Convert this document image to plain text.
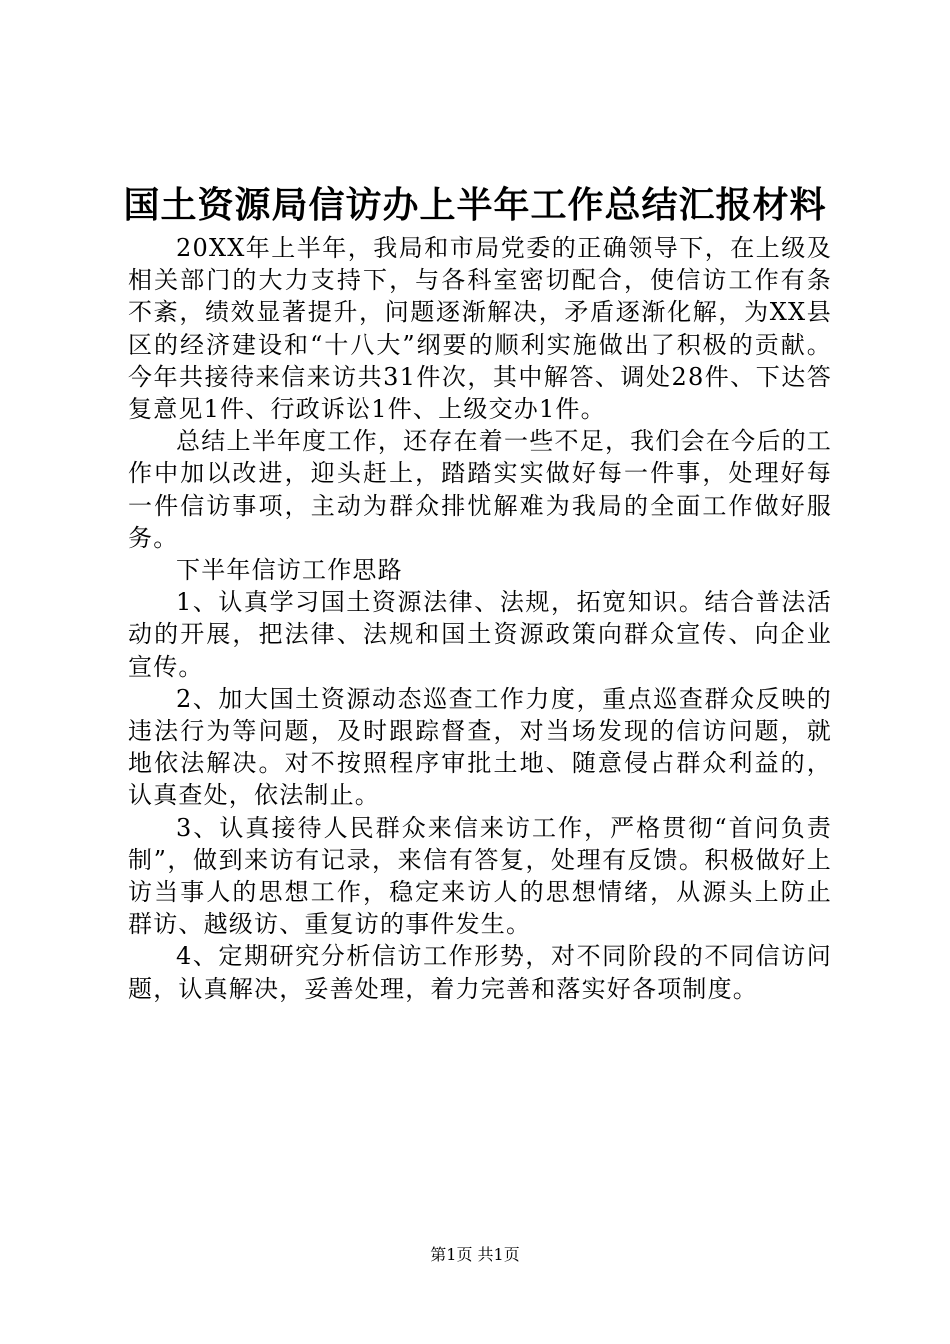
国土资源局信访办上半年工作总结汇报材料

20XX年上半年，我局和市局党委的正确领导下，在上级及相关部门的大力支持下，与各科室密切配合，使信访工作有条不紊，绩效显著提升，问题逐渐解决，矛盾逐渐化解，为XX县区的经济建设和“十八大”纲要的顺利实施做出了积极的贡献。今年共接待来信来访共31件次，其中解答、调处28件、下达答复意见1件、行政诉讼1件、上级交办1件。

总结上半年度工作，还存在着一些不足，我们会在今后的工作中加以改进，迎头赶上，踏踏实实做好每一件事，处理好每一件信访事项，主动为群众排忧解难为我局的全面工作做好服务。

下半年信访工作思路

1、认真学习国土资源法律、法规，拓宽知识。结合普法活动的开展，把法律、法规和国土资源政策向群众宣传、向企业宣传。

2、加大国土资源动态巡查工作力度，重点巡查群众反映的违法行为等问题，及时跟踪督查，对当场发现的信访问题，就地依法解决。对不按照程序审批土地、随意侵占群众利益的，认真查处，依法制止。

3、认真接待人民群众来信来访工作，严格贯彻“首问负责制”，做到来访有记录，来信有答复，处理有反馈。积极做好上访当事人的思想工作，稳定来访人的思想情绪，从源头上防止群访、越级访、重复访的事件发生。

4、定期研究分析信访工作形势，对不同阶段的不同信访问题，认真解决，妥善处理，着力完善和落实好各项制度。

第1页 共1页
